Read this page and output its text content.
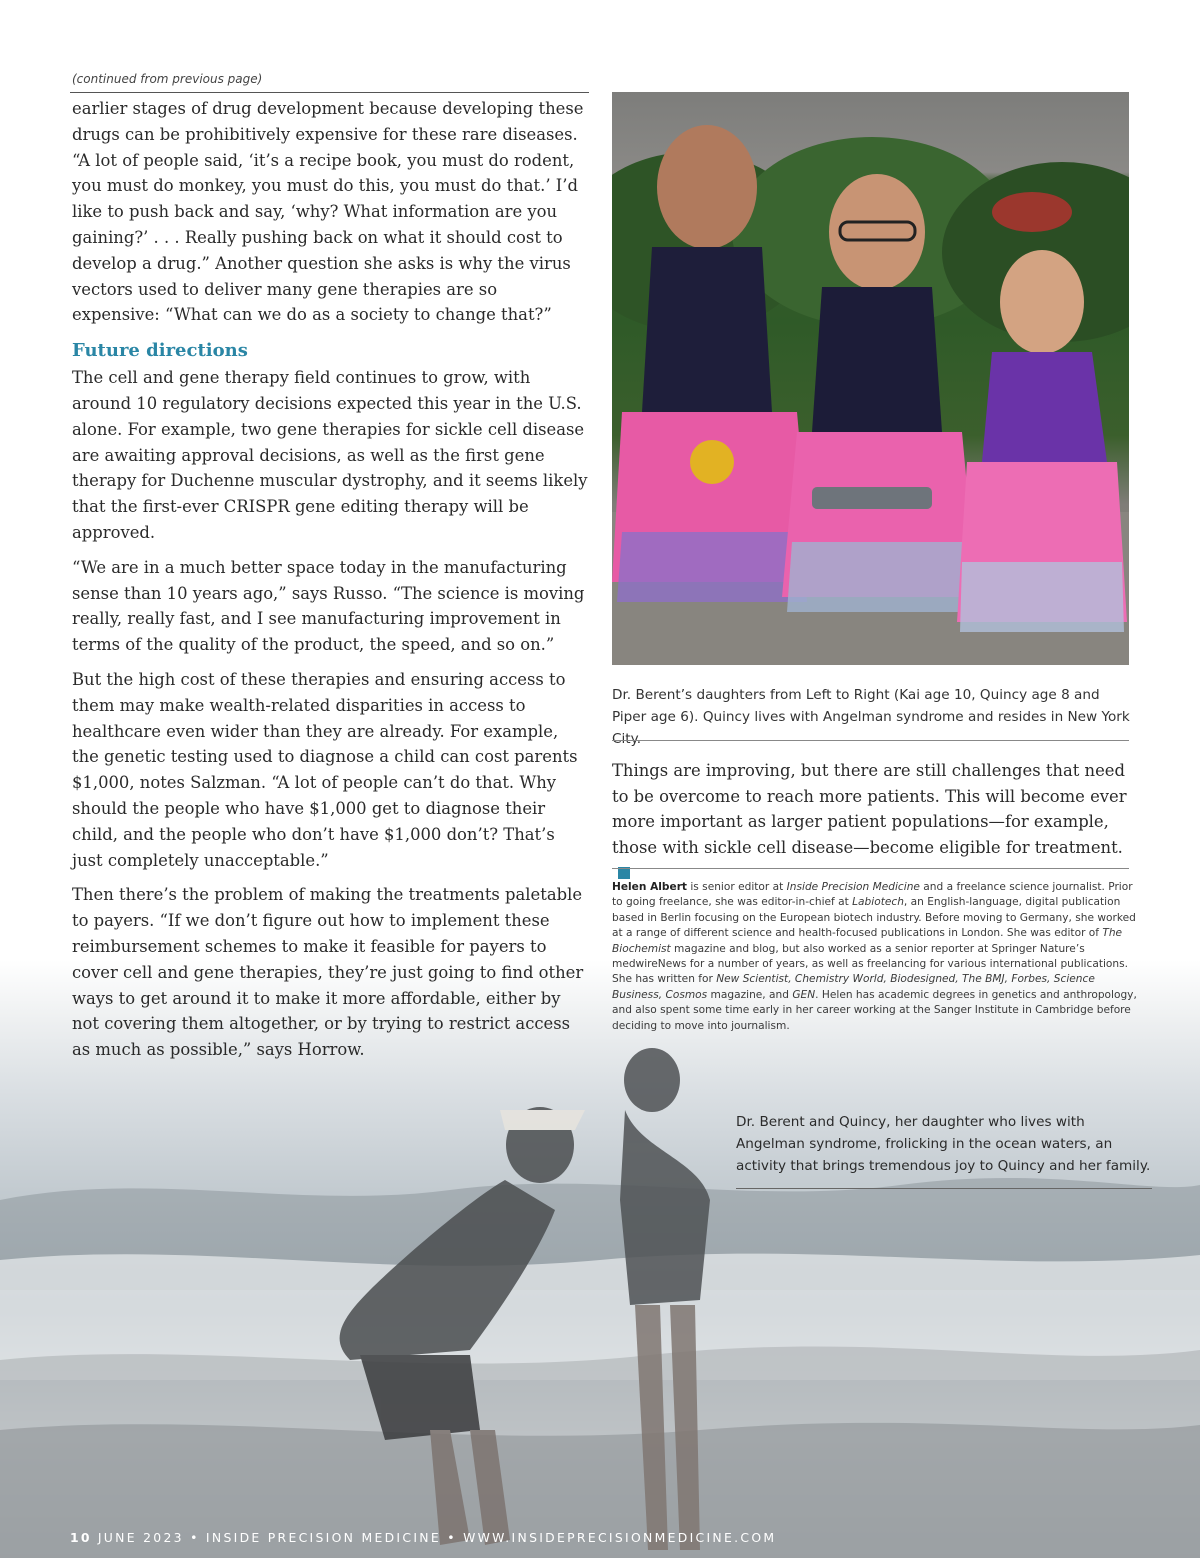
(continued from previous page)

earlier stages of drug development because developing these drugs can be prohibitively expensive for these rare diseases. “A lot of people said, ‘it’s a recipe book, you must do rodent, you must do monkey, you must do this, you must do that.’ I’d like to push back and say, ‘why? What information are you gaining?’ . . . Really pushing back on what it should cost to develop a drug.” Another question she asks is why the virus vectors used to deliver many gene therapies are so expensive: “What can we do as a society to change that?”

Future directions

The cell and gene therapy field continues to grow, with around 10 regulatory decisions expected this year in the U.S. alone. For example, two gene therapies for sickle cell disease are awaiting approval decisions, as well as the first gene therapy for Duchenne muscular dystrophy, and it seems likely that the first-ever CRISPR gene editing therapy will be approved.

“We are in a much better space today in the manufacturing sense than 10 years ago,” says Russo. “The science is moving really, really fast, and I see manufacturing improvement in terms of the quality of the product, the speed, and so on.”

But the high cost of these therapies and ensuring access to them may make wealth-related disparities in access to healthcare even wider than they are already. For example, the genetic testing used to diagnose a child can cost parents $1,000, notes Salzman. “A lot of people can’t do that. Why should the people who have $1,000 get to diagnose their child, and the people who don’t have $1,000 don’t? That’s just completely unacceptable.”

Then there’s the problem of making the treatments paletable to payers. “If we don’t figure out how to implement these reimbursement schemes to make it feasible for payers to cover cell and gene therapies, they’re just going to find other ways to get around it to make it more affordable, either by not covering them altogether, or by trying to restrict access as much as possible,” says Horrow.

Dr. Berent’s daughters from Left to Right (Kai age 10, Quincy age 8 and Piper age 6). Quincy lives with Angelman syndrome and resides in New York City.

Things are improving, but there are still challenges that need to be overcome to reach more patients. This will become ever more important as larger patient populations—for example, those with sickle cell disease—become eligible for treatment.

Helen Albert is senior editor at Inside Precision Medicine and a freelance science journalist. Prior to going freelance, she was editor-in-chief at Labiotech, an English-language, digital publication based in Berlin focusing on the European biotech industry. Before moving to Germany, she worked at a range of different science and health-focused publications in London. She was editor of The Biochemist magazine and blog, but also worked as a senior reporter at Springer Nature’s medwireNews for a number of years, as well as freelancing for various international publications. She has written for New Scientist, Chemistry World, Biodesigned, The BMJ, Forbes, Science Business, Cosmos magazine, and GEN. Helen has academic degrees in genetics and anthropology, and also spent some time early in her career working at the Sanger Institute in Cambridge before deciding to move into journalism.

Dr. Berent and Quincy, her daughter who lives with Angelman syndrome, frolicking in the ocean waters, an activity that brings tremendous joy to Quincy and her family.
10 JUNE 2023 • INSIDE PRECISION MEDICINE • WWW.INSIDEPRECISIONMEDICINE.COM
